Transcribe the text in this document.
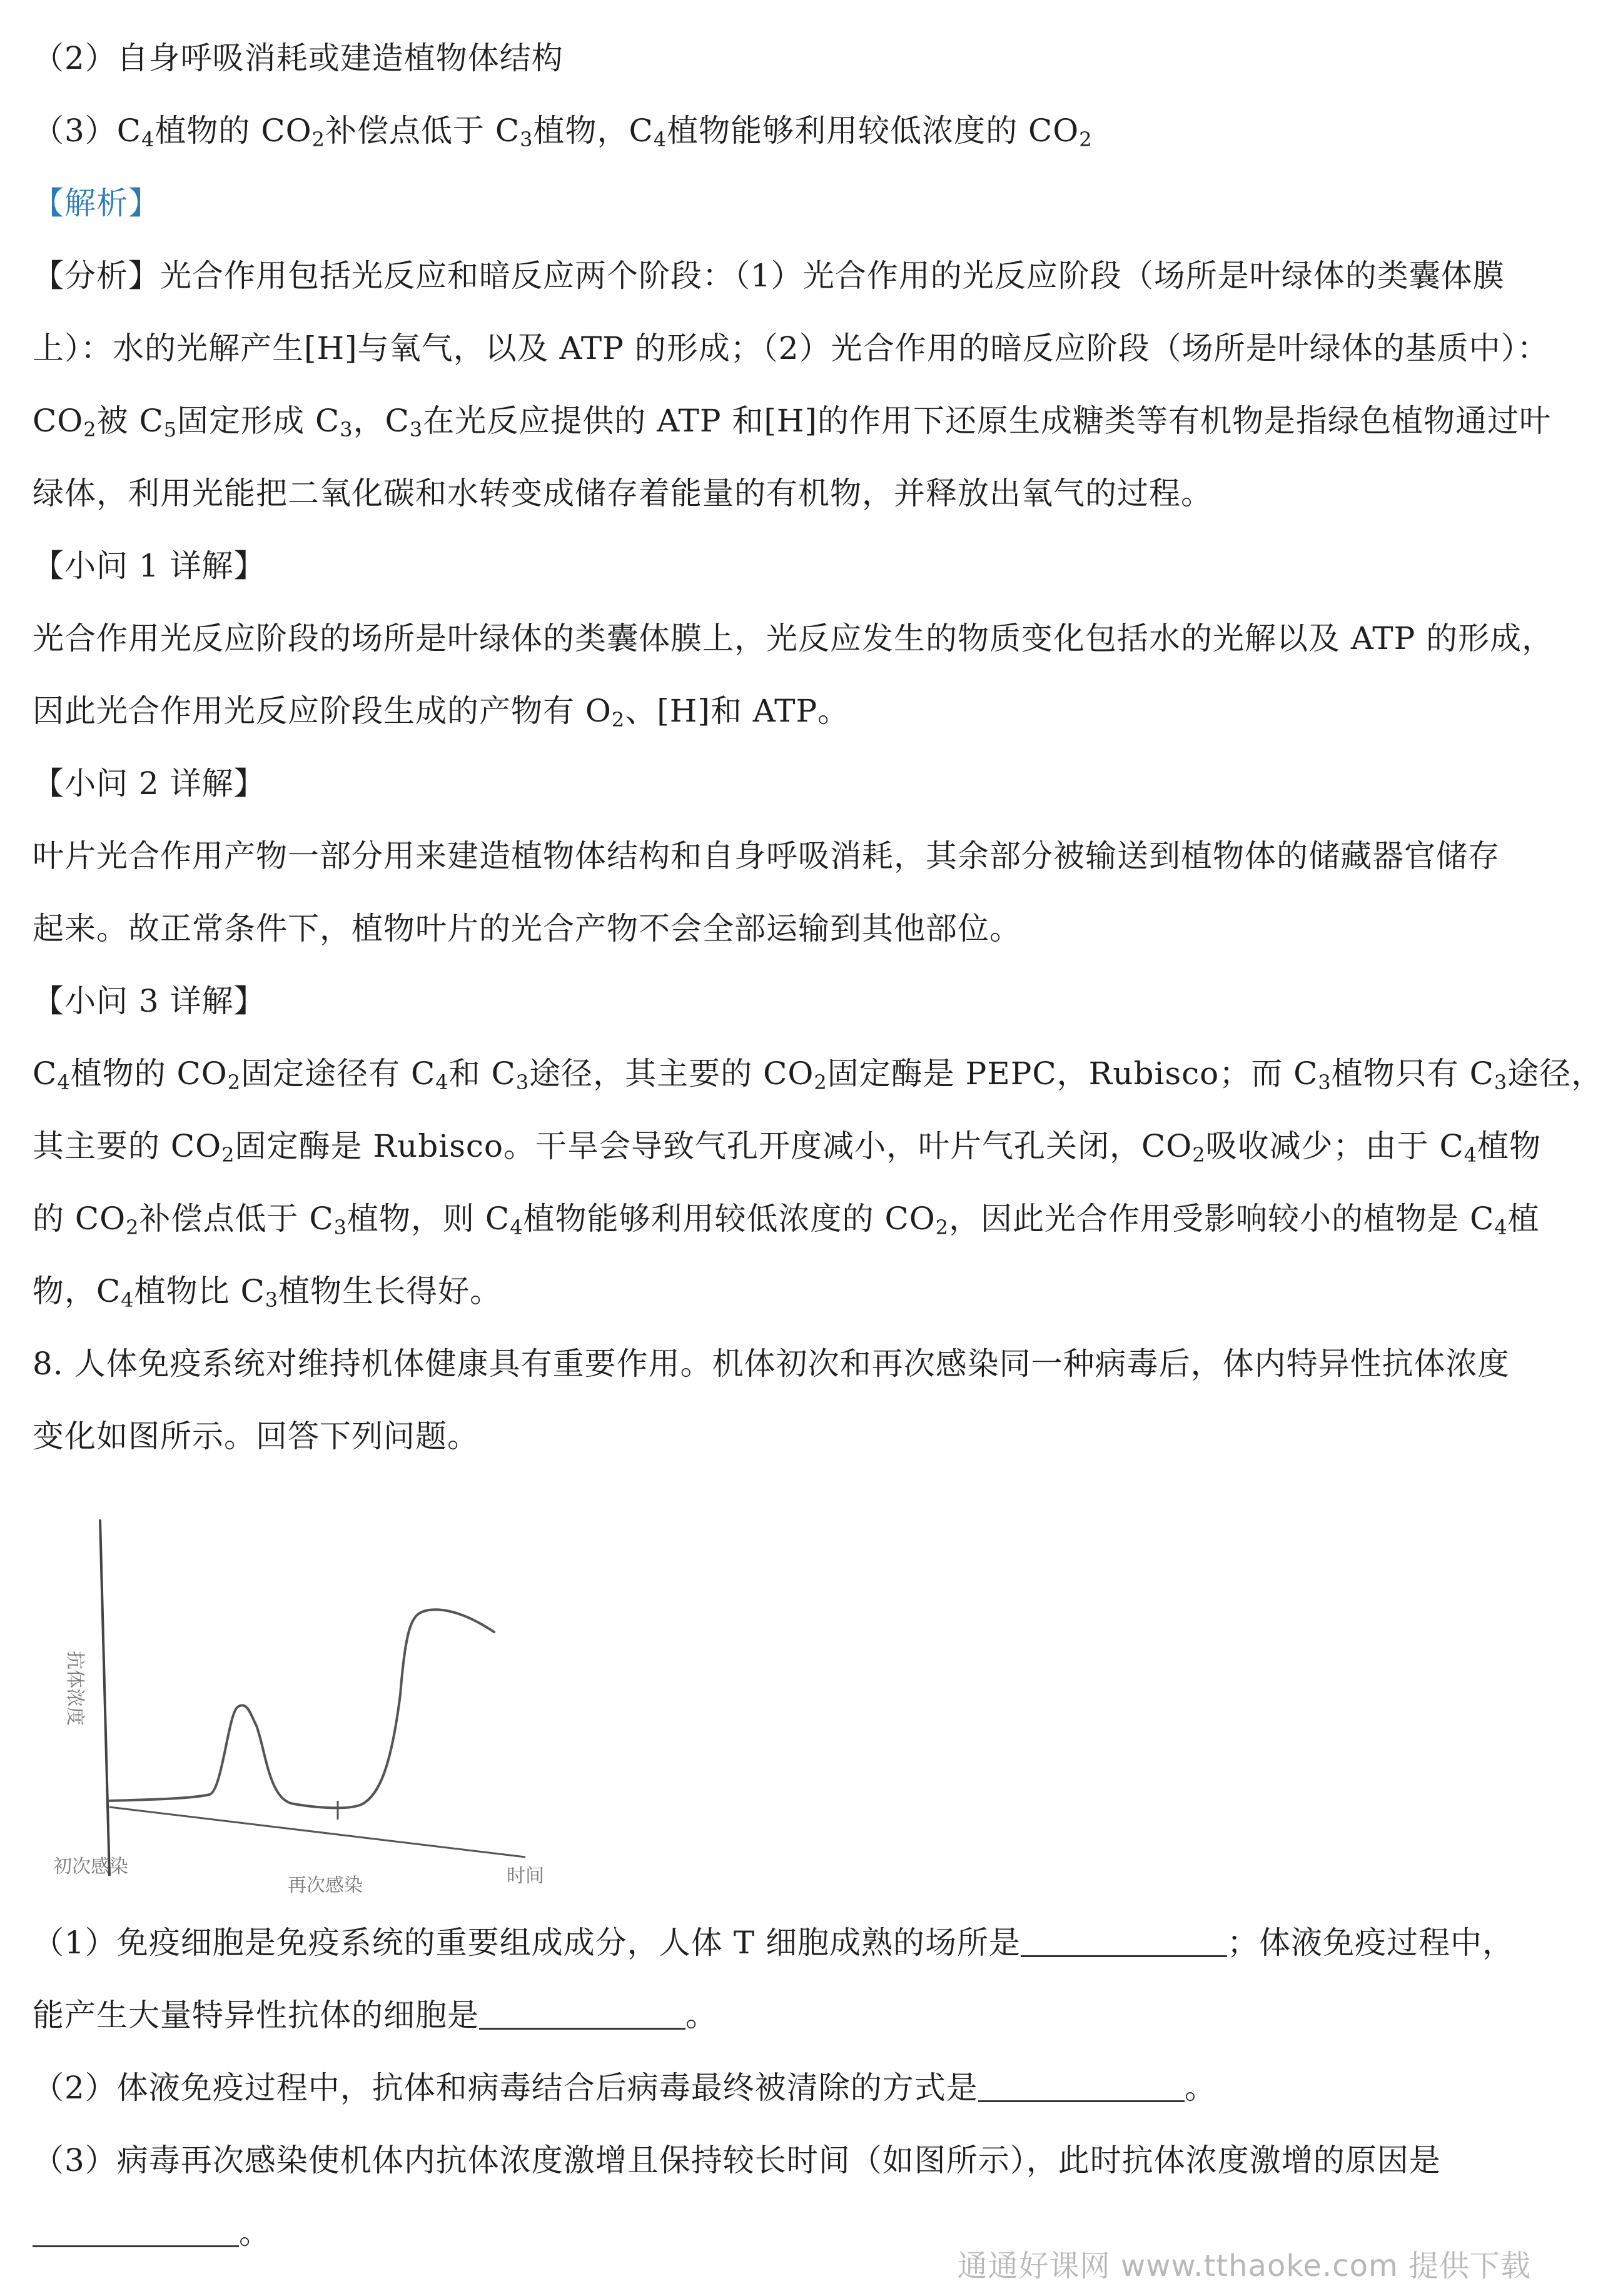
（2）自身呼吸消耗或建造植物体结构
$(3)C_4$植物的 $CO_2$补偿点低于 $C_3$植物，$C_4$植物能够利用较低浓度的 $CO_2$
【解析】
【分析】光合作用包括光反应和暗反应两个阶段：（1）光合作用的光反应阶段（场所是叶绿体的类囊体膜
上）：水的光解产生[H]与氧气，以及 ATP 的形成；（2）光合作用的暗反应阶段（场所是叶绿体的基质中）：
$CO_2$被 $C_5$固定形成 $C_3$，$C_3$在光反应提供的 ATP 和[H]的作用下还原生成糖类等有机物是指绿色植物通过叶
绿体，利用光能把二氧化碳和水转变成储存着能量的有机物，并释放出氧气的过程。
【小问 1 详解】
光合作用光反应阶段的场所是叶绿体的类囊体膜上，光反应发生的物质变化包括水的光解以及 ATP 的形成，
因此光合作用光反应阶段生成的产物有 $O_2$、[H]和 ATP。
【小问 2 详解】
叶片光合作用产物一部分用来建造植物体结构和自身呼吸消耗，其余部分被输送到植物体的储藏器官储存
起来。故正常条件下，植物叶片的光合产物不会全部运输到其他部位。
【小问 3 详解】
$C_4$植物的 $CO_2$固定途径有 $C_4$和 $C_3$途径，其主要的 $CO_2$固定酶是 PEPC，Rubisco；而 $C_3$植物只有 $C_3$途径，
其主要的 $CO_2$固定酶是 Rubisco。干旱会导致气孔开度减小，叶片气孔关闭，$CO_2$吸收减少；由于 $C_4$植物
的 $CO_2$补偿点低于 $C_3$植物，则 $C_4$植物能够利用较低浓度的 $CO_2$，因此光合作用受影响较小的植物是 $C_4$植
物，$C_4$植物比 $C_3$植物生长得好。
8. 人体免疫系统对维持机体健康具有重要作用。机体初次和再次感染同一种病毒后，体内特异性抗体浓度
变化如图所示。回答下列问题。
抗体浓度
初次感染
再次感染	时间
（1）免疫细胞是免疫系统的重要组成成分，人体 T 细胞成熟的场所是	；体液免疫过程中，
能产生大量特异性抗体的细胞是	。
（2）体液免疫过程中，抗体和病毒结合后病毒最终被清除的方式是	。
（3）病毒再次感染使机体内抗体浓度激增且保持较长时间（如图所示），此时抗体浓度激增的原因是
。
通通好课网 www.tthaoke.com 提供下载
